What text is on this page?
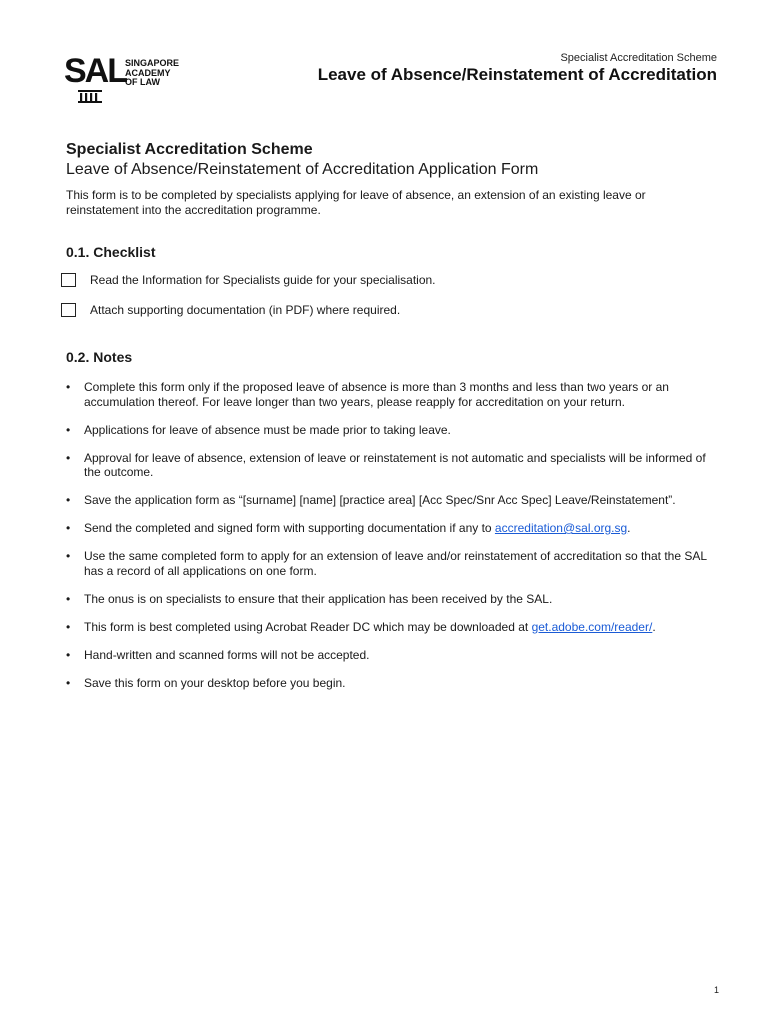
SAL SINGAPORE
ACADEMY
OF LAW
Specialist Accreditation Scheme
Leave of Absence/Reinstatement of Accreditation

Specialist Accreditation Scheme

Leave of Absence/Reinstatement of Accreditation Application Form

This form is to be completed by specialists applying for leave of absence, an extension of an existing leave or reinstatement into the accreditation programme.

0.1. Checklist
Read the Information for Specialists guide for your specialisation.
Attach supporting documentation (in PDF) where required.
0.2. Notes
• Complete this form only if the proposed leave of absence is more than 3 months and less than two years or an accumulation thereof. For leave longer than two years, please reapply for accreditation on your return.
• Applications for leave of absence must be made prior to taking leave.
• Approval for leave of absence, extension of leave or reinstatement is not automatic and specialists will be informed of the outcome.
• Save the application form as “[surname] [name] [practice area] [Acc Spec/Snr Acc Spec] Leave/Reinstatement”.
• Send the completed and signed form with supporting documentation if any to accreditation@sal.org.sg.
• Use the same completed form to apply for an extension of leave and/or reinstatement of accreditation so that the SAL has a record of all applications on one form.
• The onus is on specialists to ensure that their application has been received by the SAL.
• This form is best completed using Acrobat Reader DC which may be downloaded at get.adobe.com/reader/.
• Hand-written and scanned forms will not be accepted.
• Save this form on your desktop before you begin.
1
